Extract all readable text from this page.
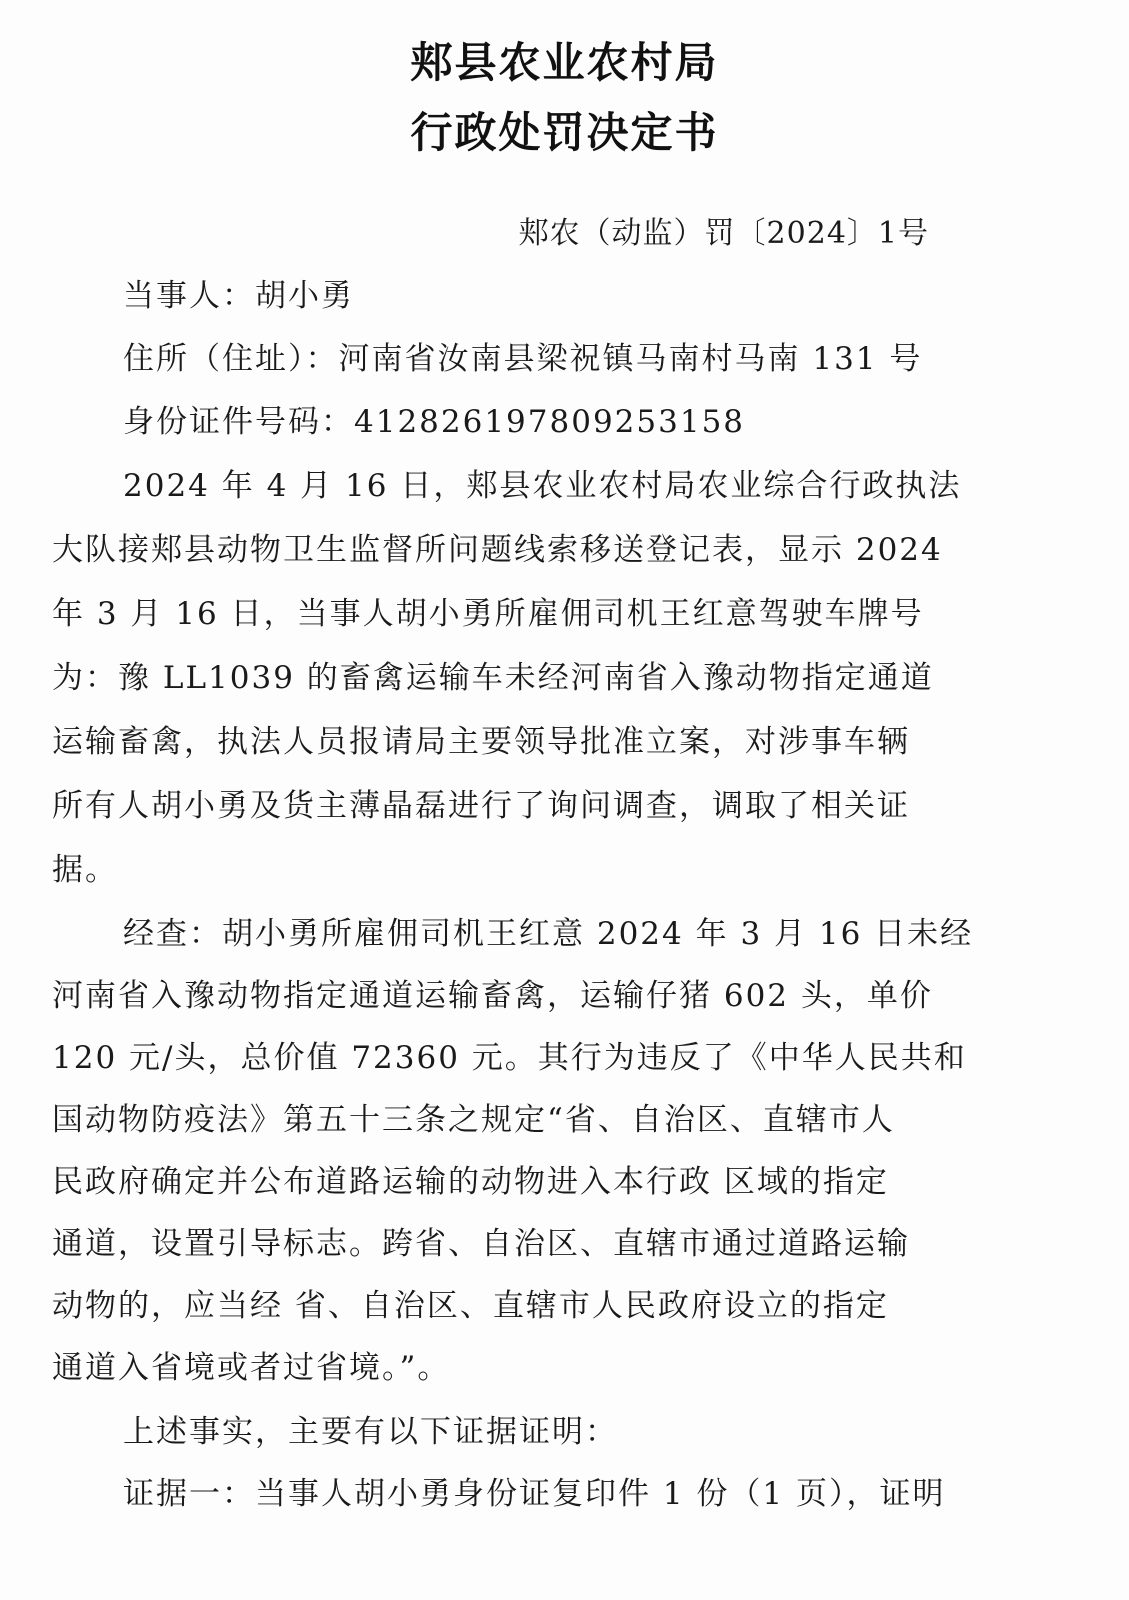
郏县农业农村局
行政处罚决定书
郏农（动监）罚〔2024〕1号
当事人：胡小勇
住所（住址）：河南省汝南县梁祝镇马南村马南 131 号
身份证件号码：412826197809253158
2024 年 4 月 16 日，郏县农业农村局农业综合行政执法
大队接郏县动物卫生监督所问题线索移送登记表，显示 2024
年 3 月 16 日，当事人胡小勇所雇佣司机王红意驾驶车牌号
为：豫 LL1039 的畜禽运输车未经河南省入豫动物指定通道
运输畜禽，执法人员报请局主要领导批准立案，对涉事车辆
所有人胡小勇及货主薄晶磊进行了询问调查，调取了相关证
据。
经查：胡小勇所雇佣司机王红意 2024 年 3 月 16 日未经
河南省入豫动物指定通道运输畜禽，运输仔猪 602 头，单价
120 元/头，总价值 72360 元。其行为违反了《中华人民共和
国动物防疫法》第五十三条之规定“省、自治区、直辖市人
民政府确定并公布道路运输的动物进入本行政 区域的指定
通道，设置引导标志。跨省、自治区、直辖市通过道路运输
动物的，应当经 省、自治区、直辖市人民政府设立的指定
通道入省境或者过省境。”。
上述事实，主要有以下证据证明：
证据一：当事人胡小勇身份证复印件 1 份（1 页），证明
